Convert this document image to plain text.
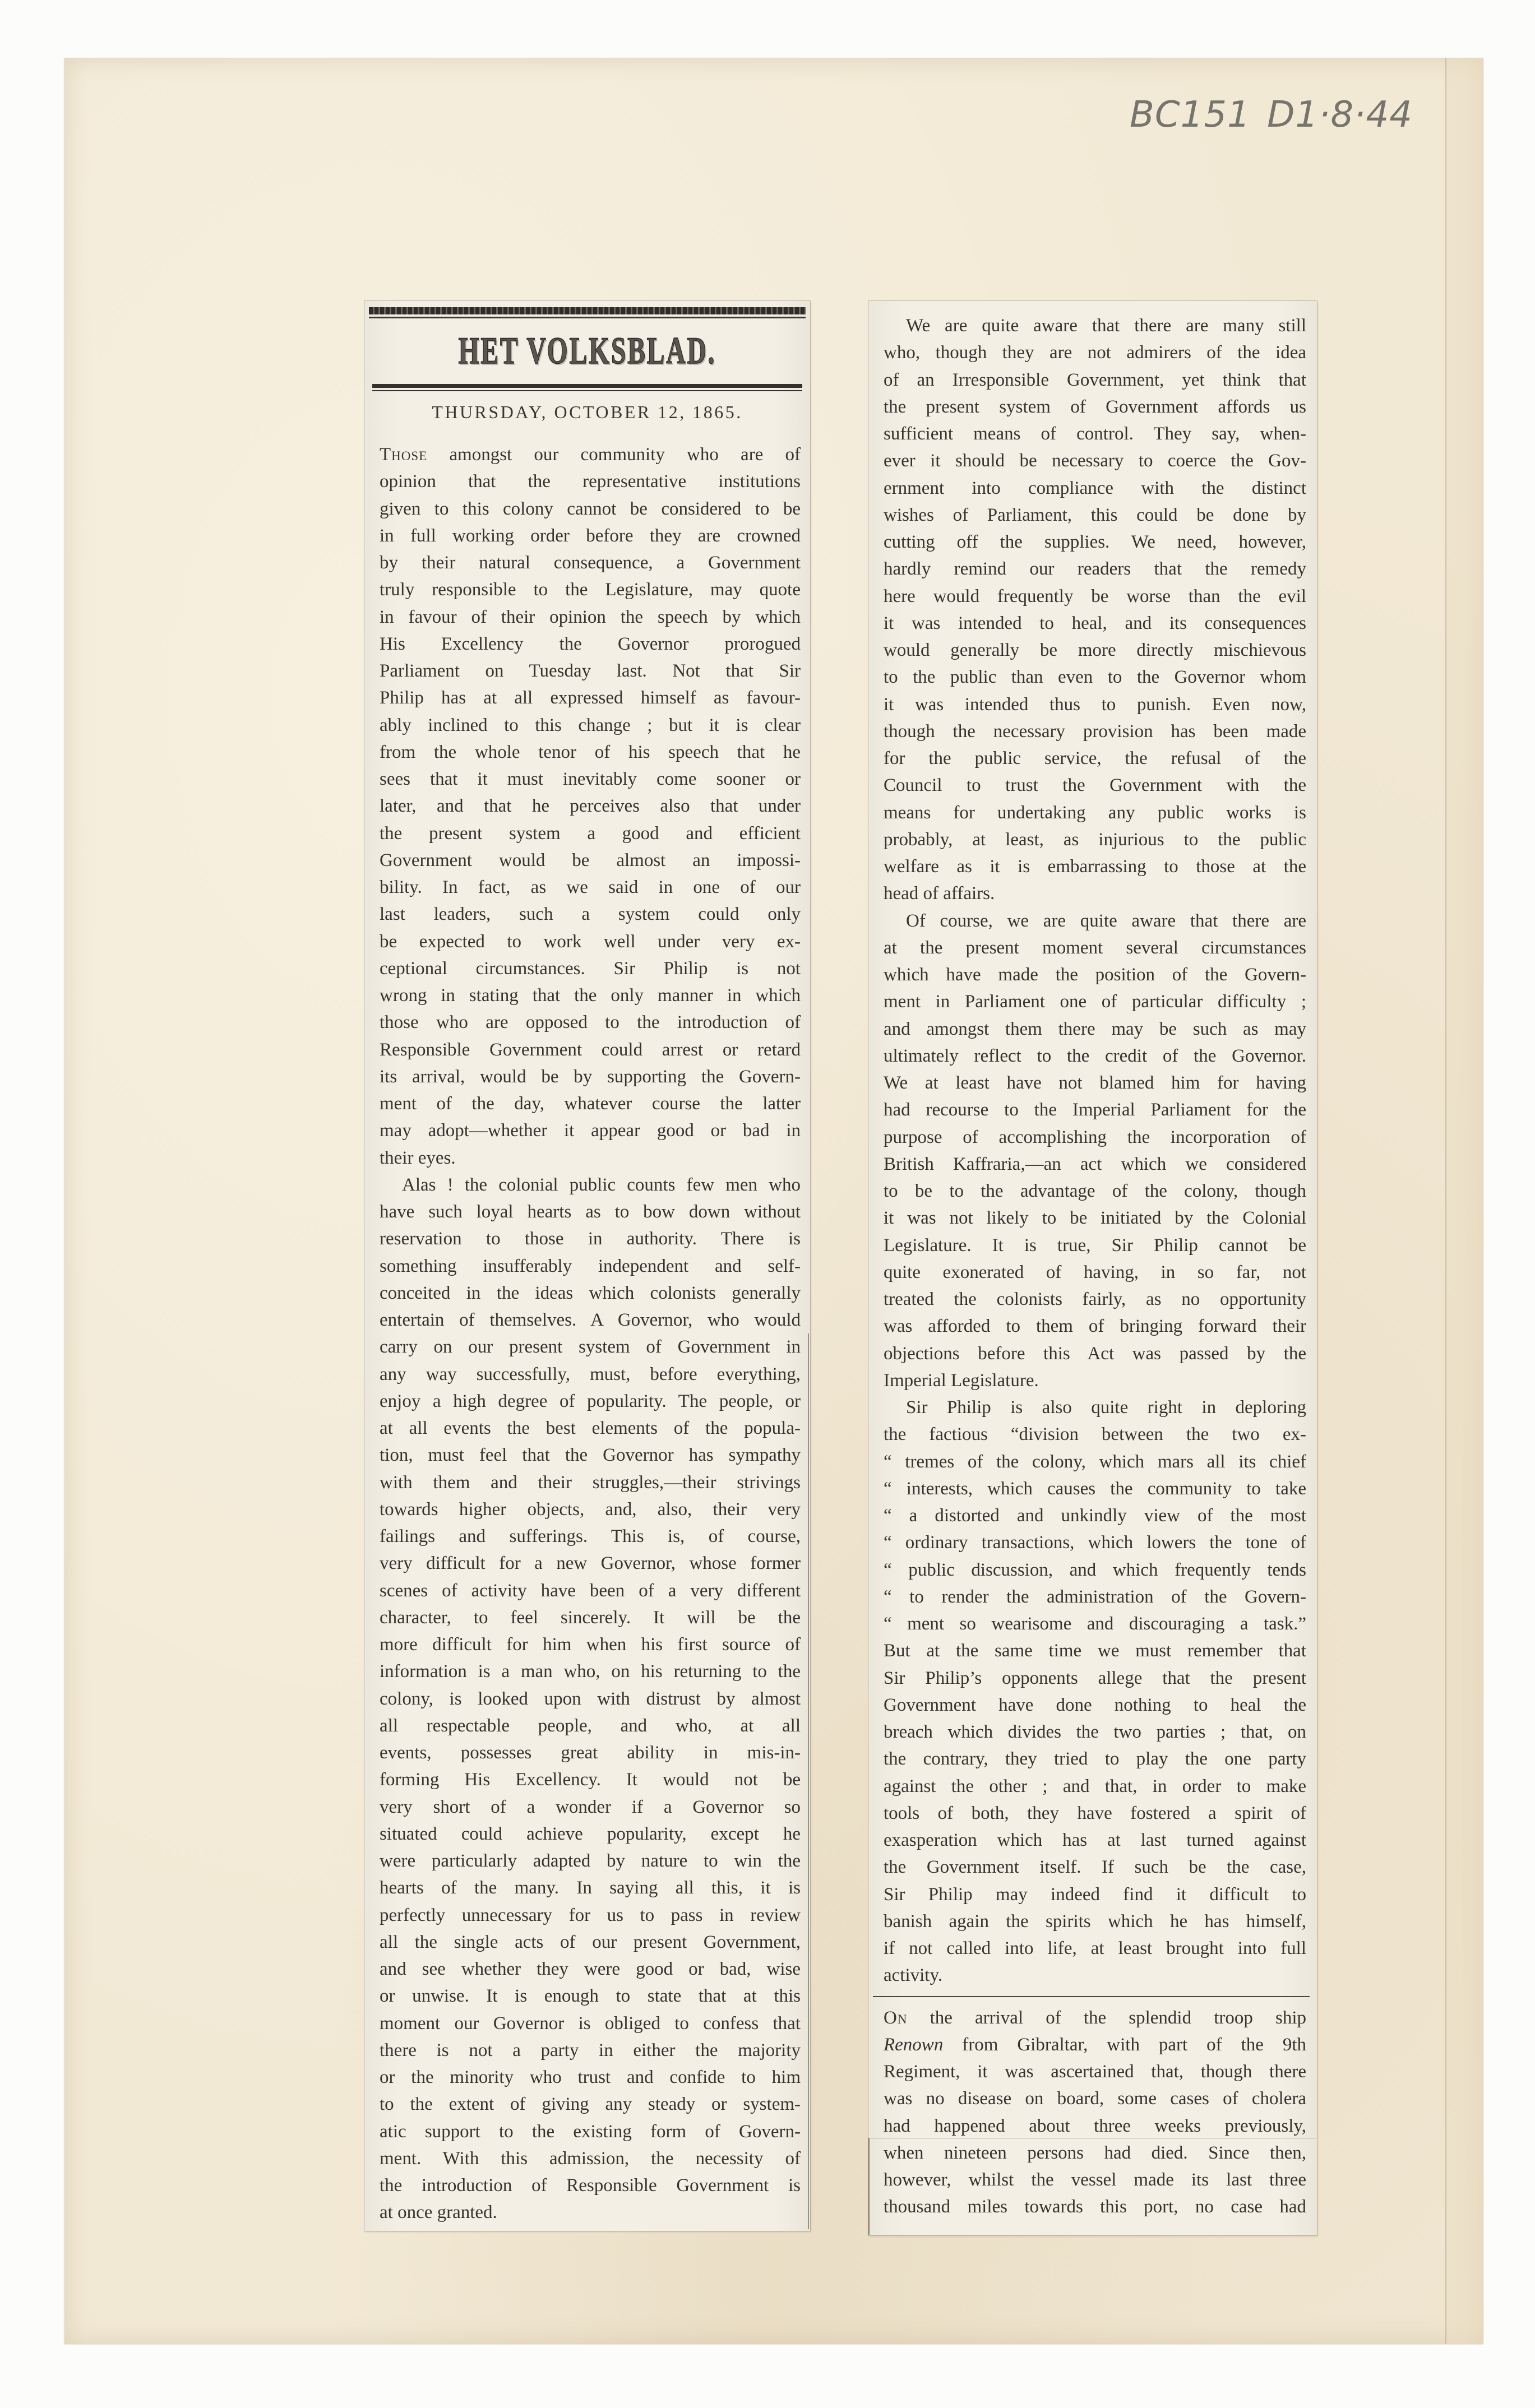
BC151 D1·8·44
HET VOLKSBLAD.
THURSDAY, OCTOBER 12, 1865.
Those amongst our community who are of
opinion that the representative institutions
given to this colony cannot be considered to be
in full working order before they are crowned
by their natural consequence, a Government
truly responsible to the Legislature, may quote
in favour of their opinion the speech by which
His Excellency the Governor prorogued
Parliament on Tuesday last. Not that Sir
Philip has at all expressed himself as favour-
ably inclined to this change ; but it is clear
from the whole tenor of his speech that he
sees that it must inevitably come sooner or
later, and that he perceives also that under
the present system a good and efficient
Government would be almost an impossi-
bility. In fact, as we said in one of our
last leaders, such a system could only
be expected to work well under very ex-
ceptional circumstances. Sir Philip is not
wrong in stating that the only manner in which
those who are opposed to the introduction of
Responsible Government could arrest or retard
its arrival, would be by supporting the Govern-
ment of the day, whatever course the latter
may adopt—whether it appear good or bad in
their eyes.
Alas ! the colonial public counts few men who
have such loyal hearts as to bow down without
reservation to those in authority. There is
something insufferably independent and self-
conceited in the ideas which colonists generally
entertain of themselves. A Governor, who would
carry on our present system of Government in
any way successfully, must, before everything,
enjoy a high degree of popularity. The people, or
at all events the best elements of the popula-
tion, must feel that the Governor has sympathy
with them and their struggles,—their strivings
towards higher objects, and, also, their very
failings and sufferings. This is, of course,
very difficult for a new Governor, whose former
scenes of activity have been of a very different
character, to feel sincerely. It will be the
more difficult for him when his first source of
information is a man who, on his returning to the
colony, is looked upon with distrust by almost
all respectable people, and who, at all
events, possesses great ability in mis-in-
forming His Excellency. It would not be
very short of a wonder if a Governor so
situated could achieve popularity, except he
were particularly adapted by nature to win the
hearts of the many. In saying all this, it is
perfectly unnecessary for us to pass in review
all the single acts of our present Government,
and see whether they were good or bad, wise
or unwise. It is enough to state that at this
moment our Governor is obliged to confess that
there is not a party in either the majority
or the minority who trust and confide to him
to the extent of giving any steady or system-
atic support to the existing form of Govern-
ment. With this admission, the necessity of
the introduction of Responsible Government is
at once granted.
We are quite aware that there are many still
who, though they are not admirers of the idea
of an Irresponsible Government, yet think that
the present system of Government affords us
sufficient means of control. They say, when-
ever it should be necessary to coerce the Gov-
ernment into compliance with the distinct
wishes of Parliament, this could be done by
cutting off the supplies. We need, however,
hardly remind our readers that the remedy
here would frequently be worse than the evil
it was intended to heal, and its consequences
would generally be more directly mischievous
to the public than even to the Governor whom
it was intended thus to punish. Even now,
though the necessary provision has been made
for the public service, the refusal of the
Council to trust the Government with the
means for undertaking any public works is
probably, at least, as injurious to the public
welfare as it is embarrassing to those at the
head of affairs.
Of course, we are quite aware that there are
at the present moment several circumstances
which have made the position of the Govern-
ment in Parliament one of particular difficulty ;
and amongst them there may be such as may
ultimately reflect to the credit of the Governor.
We at least have not blamed him for having
had recourse to the Imperial Parliament for the
purpose of accomplishing the incorporation of
British Kaffraria,—an act which we considered
to be to the advantage of the colony, though
it was not likely to be initiated by the Colonial
Legislature. It is true, Sir Philip cannot be
quite exonerated of having, in so far, not
treated the colonists fairly, as no opportunity
was afforded to them of bringing forward their
objections before this Act was passed by the
Imperial Legislature.
Sir Philip is also quite right in deploring
the factious “division between the two ex-
“ tremes of the colony, which mars all its chief
“ interests, which causes the community to take
“ a distorted and unkindly view of the most
“ ordinary transactions, which lowers the tone of
“ public discussion, and which frequently tends
“ to render the administration of the Govern-
“ ment so wearisome and discouraging a task.”
But at the same time we must remember that
Sir Philip’s opponents allege that the present
Government have done nothing to heal the
breach which divides the two parties ; that, on
the contrary, they tried to play the one party
against the other ; and that, in order to make
tools of both, they have fostered a spirit of
exasperation which has at last turned against
the Government itself. If such be the case,
Sir Philip may indeed find it difficult to
banish again the spirits which he has himself,
if not called into life, at least brought into full
activity.
On the arrival of the splendid troop ship
Renown from Gibraltar, with part of the 9th
Regiment, it was ascertained that, though there
was no disease on board, some cases of cholera
had happened about three weeks previously,
when nineteen persons had died. Since then,
however, whilst the vessel made its last three
thousand miles towards this port, no case had
